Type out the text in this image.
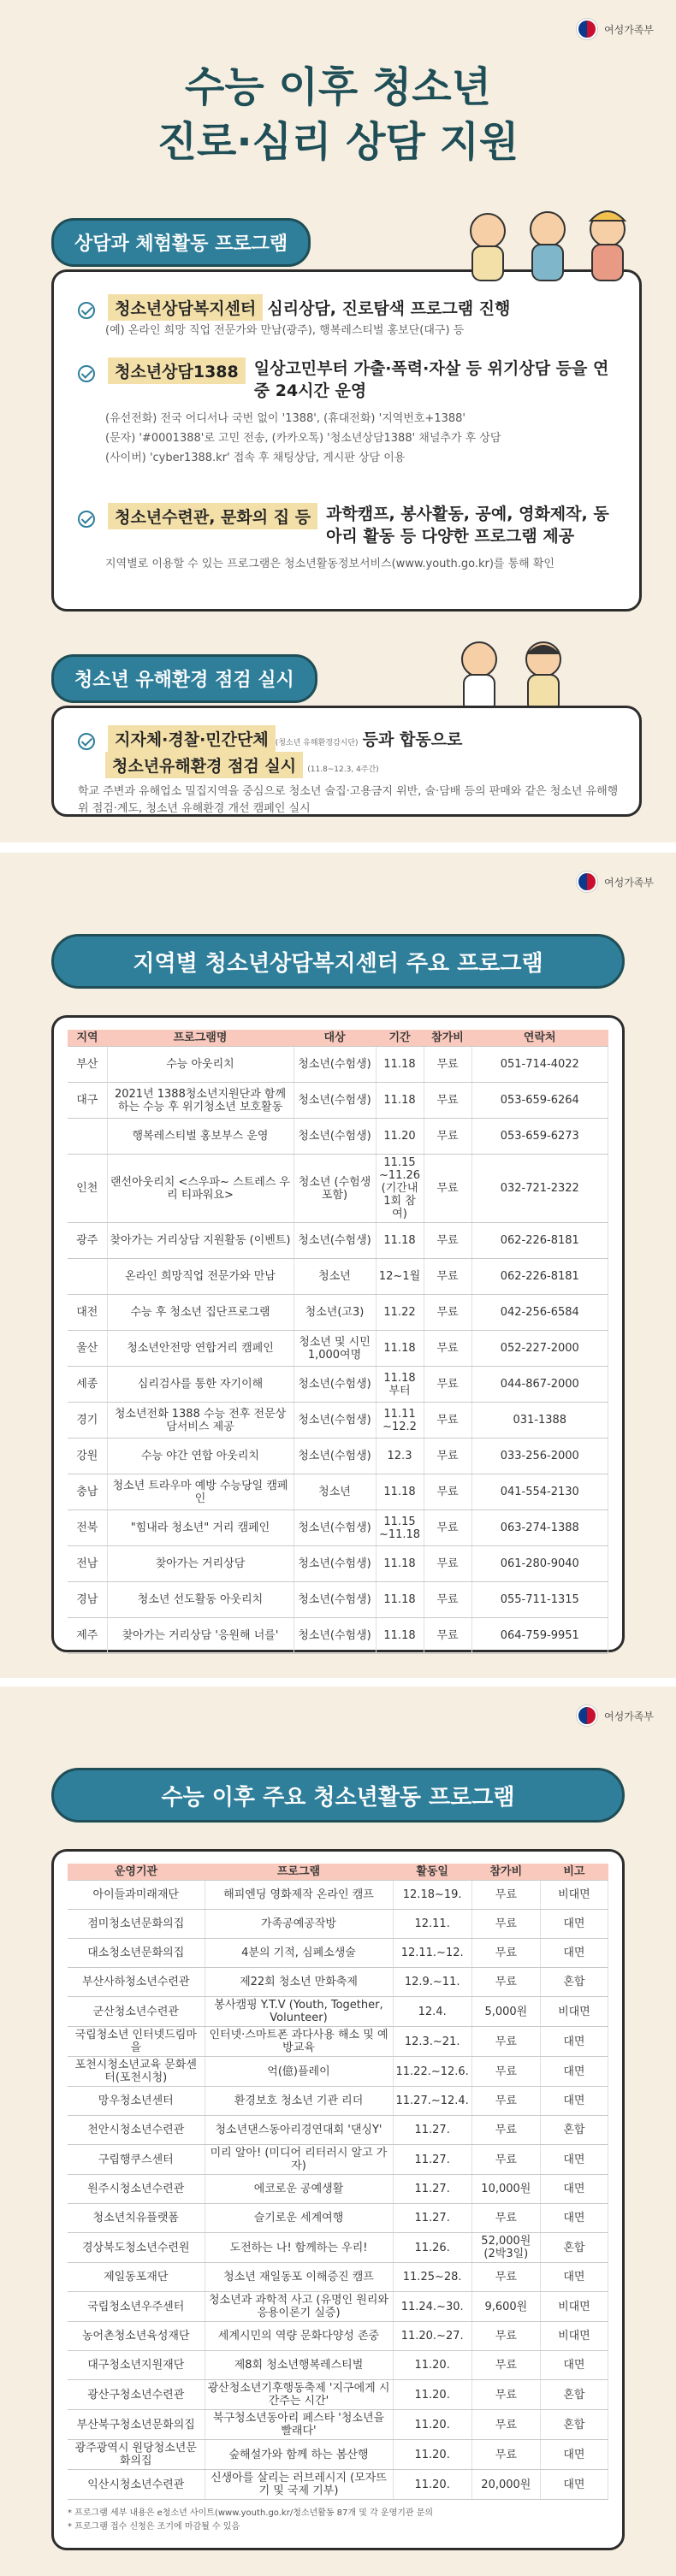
여성가족부
수능 이후 청소년
진로·심리 상담 지원
상담과 체험활동 프로그램
청소년상담복지센터 심리상담, 진로탐색 프로그램 진행
(예) 온라인 희망 직업 전문가와 만남(광주), 행복레스티벌 홍보단(대구) 등
청소년상담1388 일상고민부터 가출·폭력·자살 등 위기상담 등을 연중 24시간 운영
(유선전화) 전국 어디서나 국번 없이 '1388', (휴대전화) '지역번호+1388'
(문자) '#0001388'로 고민 전송, (카카오톡) '청소년상담1388' 채널추가 후 상담
(사이버) 'cyber1388.kr' 접속 후 채팅상담, 게시판 상담 이용
청소년수련관, 문화의 집 등 과학캠프, 봉사활동, 공예, 영화제작, 동아리 활동 등 다양한 프로그램 제공
지역별로 이용할 수 있는 프로그램은 청소년활동정보서비스(www.youth.go.kr)를 통해 확인
청소년 유해환경 점검 실시
지자체·경찰·민간단체 (청소년 유해환경감시단) 등과 합동으로
청소년유해환경 점검 실시 (11.8~12.3, 4주간)
학교 주변과 유해업소 밀집지역을 중심으로 청소년 술집·고용금지 위반, 술·담배 등의 판매와 같은 청소년 유해행위 점검·계도, 청소년 유해환경 개선 캠페인 실시
여성가족부
지역별 청소년상담복지센터 주요 프로그램
지역	프로그램명	대상	기간	참가비	연락처
부산	수능 아웃리치	청소년(수험생)	11.18	무료	051-714-4022
대구	2021년 1388청소년지원단과 함께하는 수능 후 위기청소년 보호활동	청소년(수험생)	11.18	무료	053-659-6264
	행복레스티벌 홍보부스 운영	청소년(수험생)	11.20	무료	053-659-6273
인천	랜선아웃리치 <스우파~ 스트레스 우리 티파워요>	청소년 (수험생 포함)	11.15 ~11.26 (기간내 1회 참여)	무료	032-721-2322
광주	찾아가는 거리상담 지원활동 (이벤트)	청소년(수험생)	11.18	무료	062-226-8181
	온라인 희망직업 전문가와 만남	청소년	12~1월	무료	062-226-8181
대전	수능 후 청소년 집단프로그램	청소년(고3)	11.22	무료	042-256-6584
울산	청소년안전망 연합거리 캠페인	청소년 및 시민 1,000여명	11.18	무료	052-227-2000
세종	심리검사를 통한 자기이해	청소년(수험생)	11.18 부터	무료	044-867-2000
경기	청소년전화 1388 수능 전후 전문상담서비스 제공	청소년(수험생)	11.11 ~12.2	무료	031-1388
강원	수능 야간 연합 아웃리치	청소년(수험생)	12.3	무료	033-256-2000
충남	청소년 트라우마 예방 수능당일 캠페인	청소년	11.18	무료	041-554-2130
전북	"힘내라 청소년" 거리 캠페인	청소년(수험생)	11.15 ~11.18	무료	063-274-1388
전남	찾아가는 거리상담	청소년(수험생)	11.18	무료	061-280-9040
경남	청소년 선도활동 아웃리치	청소년(수험생)	11.18	무료	055-711-1315
제주	찾아가는 거리상담 '응원해 너를'	청소년(수험생)	11.18	무료	064-759-9951
여성가족부
수능 이후 주요 청소년활동 프로그램
운영기관	프로그램	활동일	참가비	비고
아이들과미래재단	해피엔딩 영화제작 온라인 캠프	12.18~19.	무료	비대면
점미청소년문화의집	가족공예공작방	12.11.	무료	대면
대소청소년문화의집	4분의 기적, 심폐소생술	12.11.~12.	무료	대면
부산사하청소년수련관	제22회 청소년 만화축제	12.9.~11.	무료	혼합
군산청소년수련관	봉사캠핑 Y.T.V (Youth, Together, Volunteer)	12.4.	5,000원	비대면
국립청소년 인터넷드림마을	인터넷·스마트폰 과다사용 해소 및 예방교육	12.3.~21.	무료	대면
포천시청소년교육 문화센터(포천시청)	억(億)플레이	11.22.~12.6.	무료	대면
망우청소년센터	환경보호 청소년 기관 리더	11.27.~12.4.	무료	대면
천안시청소년수련관	청소년댄스동아리경연대회 '댄싱Y'	11.27.	무료	혼합
구립행쿠스센터	미리 알아! (미디어 리터러시 알고 가자)	11.27.	무료	대면
원주시청소년수련관	에코로운 공예생활	11.27.	10,000원	대면
청소년치유플랫폼	슬기로운 세계여행	11.27.	무료	대면
경상북도청소년수련원	도전하는 나! 함께하는 우리!	11.26.	52,000원 (2박3일)	혼합
제일동포재단	청소년 재일동포 이해증진 캠프	11.25~28.	무료	대면
국립청소년우주센터	청소년과 과학적 사고 (유명인 원리와 응용이론기 실증)	11.24.~30.	9,600원	비대면
농어촌청소년육성재단	세계시민의 역량 문화다양성 존중	11.20.~27.	무료	비대면
대구청소년지원재단	제8회 청소년행복레스티벌	11.20.	무료	대면
광산구청소년수련관	광산청소년기후행동축제 '지구에게 시간주는 시간'	11.20.	무료	혼합
부산북구청소년문화의집	북구청소년동아리 페스타 '청소년을 빨래다'	11.20.	무료	혼합
광주광역시 원당청소년문화의집	숲해설가와 함께 하는 봄산행	11.20.	무료	대면
익산시청소년수련관	신생아를 살리는 러브레시지 (모자뜨기 및 국제 기부)	11.20.	20,000원	대면
* 프로그램 세부 내용은 e청소년 사이트(www.youth.go.kr/청소년활동 87개 및 각 운영기관 문의
* 프로그램 접수 신청은 조기에 마감될 수 있음
